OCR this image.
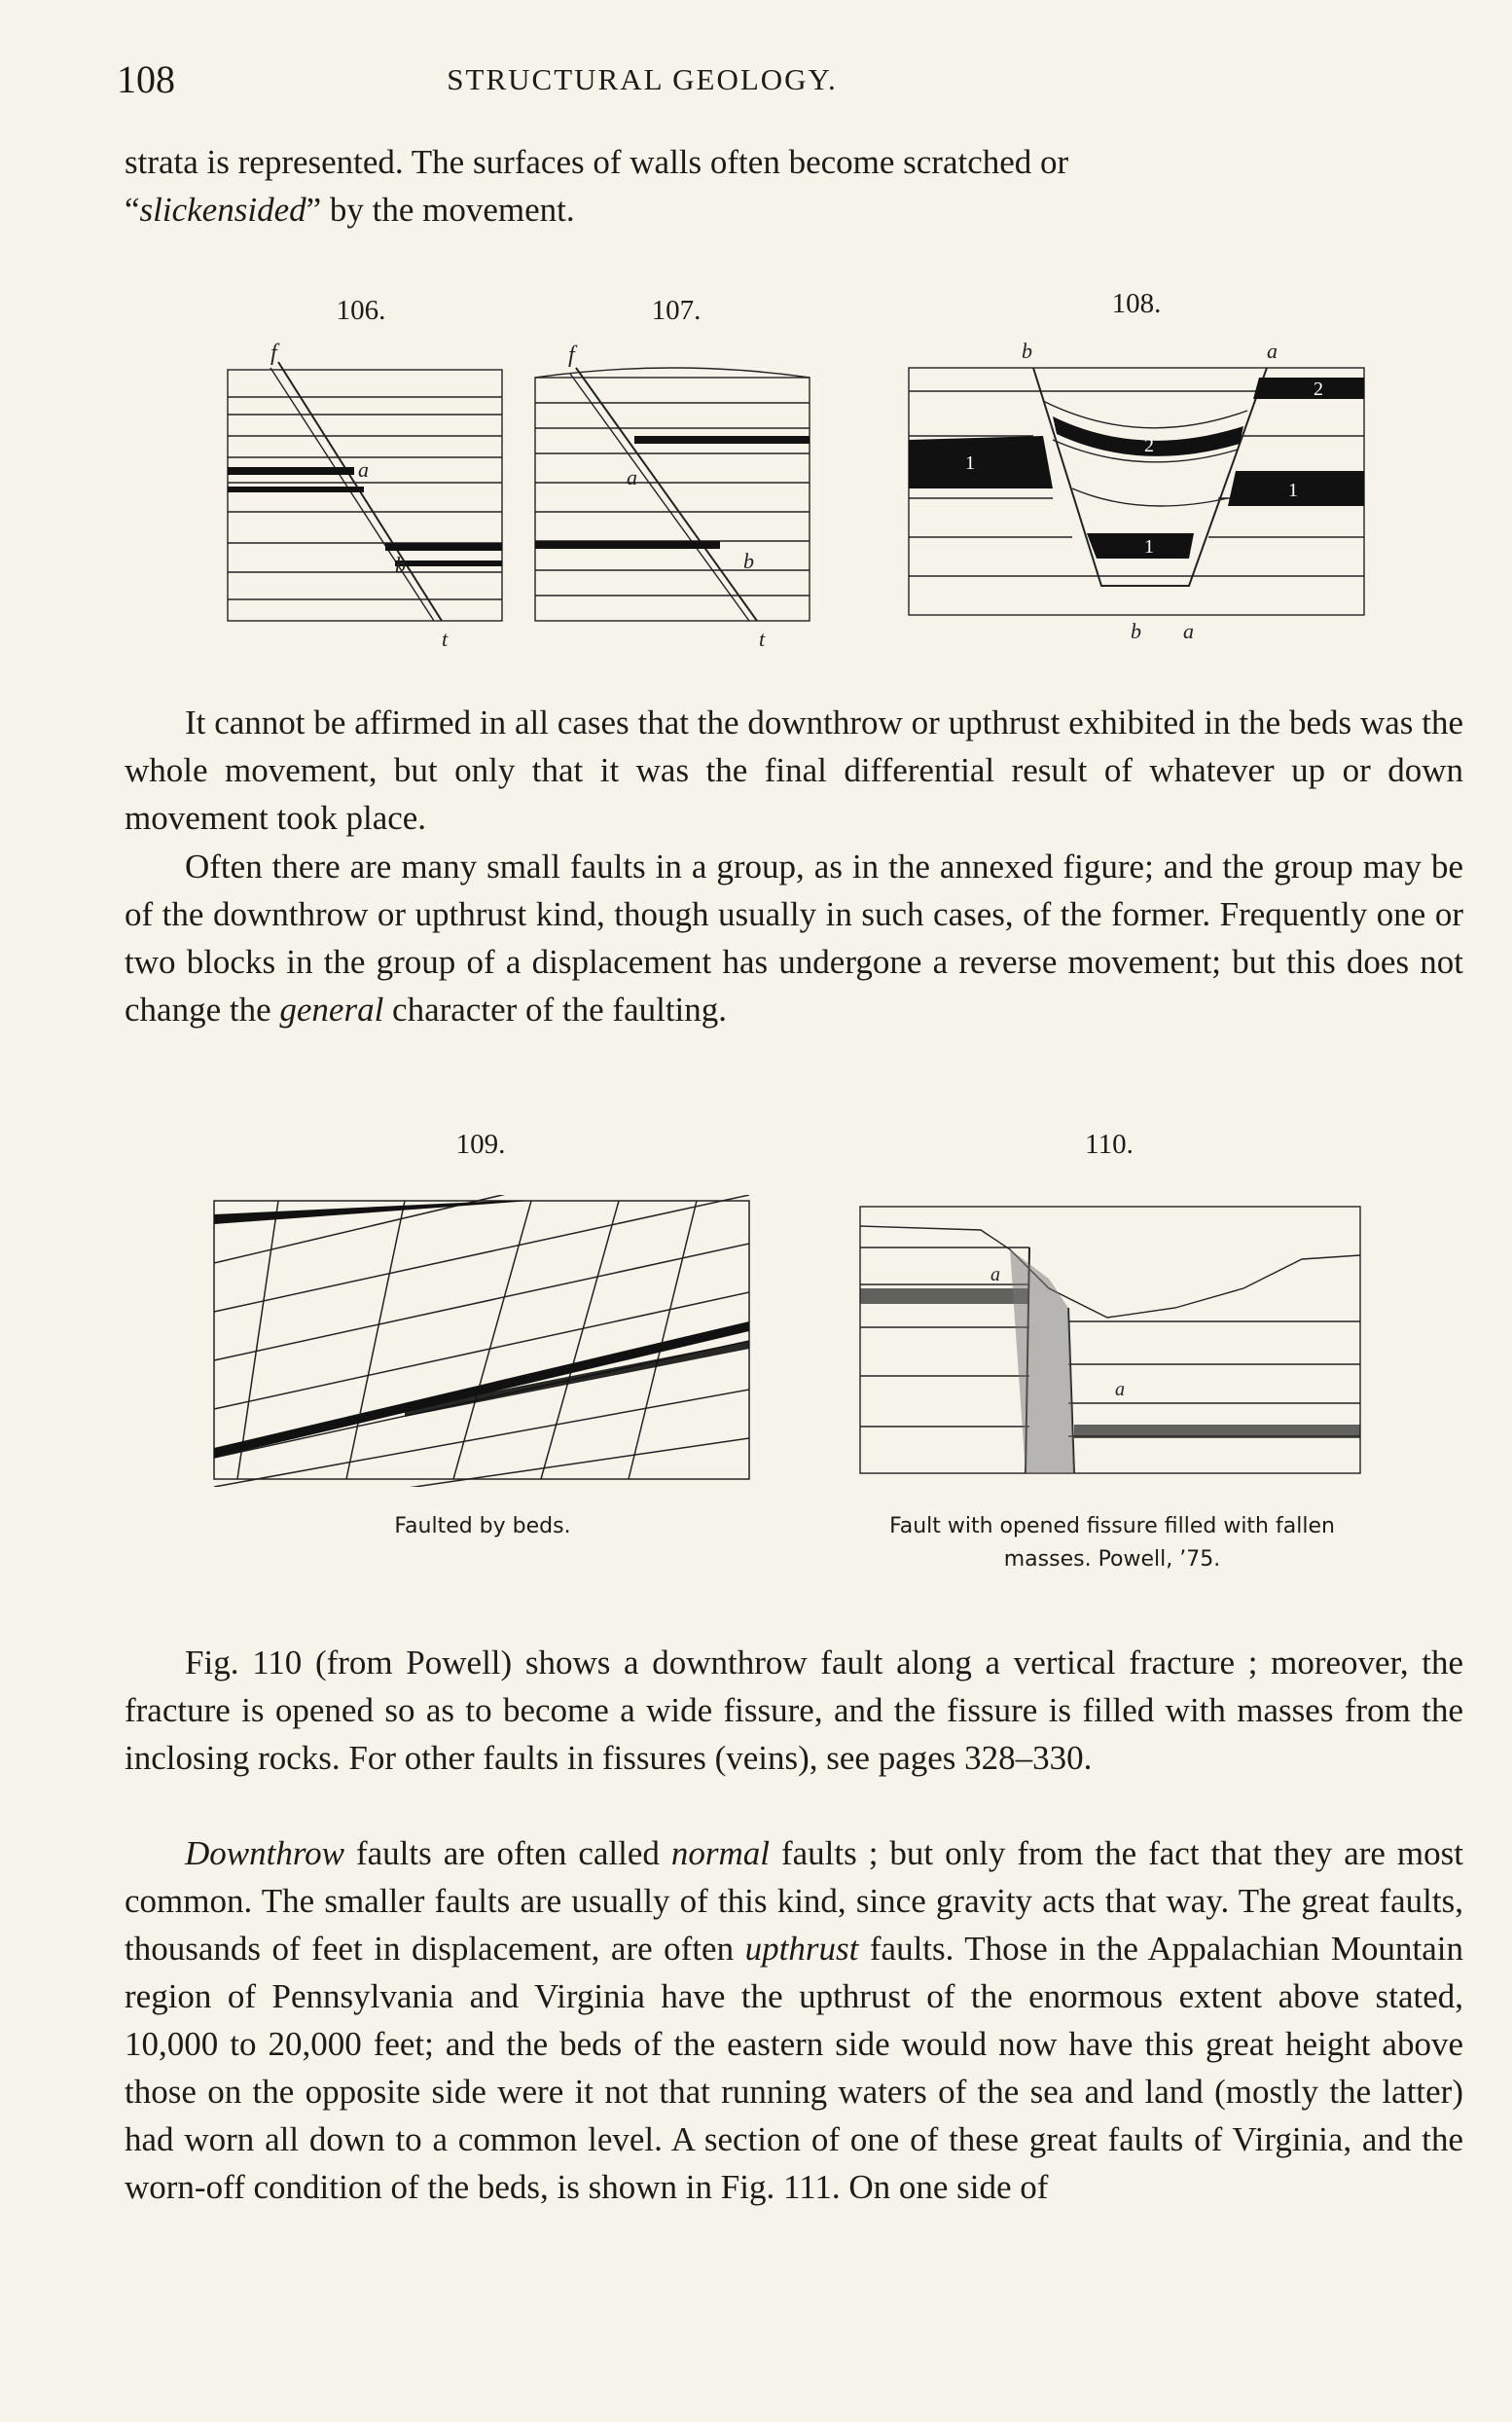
108	STRUCTURAL GEOLOGY.

strata is represented. The surfaces of walls often become scratched or
“slickensided” by the movement.

106.
f
a
b
t
107.
f
a
b
t
108.
b	a
2
2
1
1
1
b a

It cannot be affirmed in all cases that the downthrow or upthrust exhibited in the beds was the whole movement, but only that it was the final differential result of whatever up or down movement took place.

Often there are many small faults in a group, as in the annexed figure; and the group may be of the downthrow or upthrust kind, though usually in such cases, of the former. Frequently one or two blocks in the group of a displacement has undergone a reverse movement; but this does not change the general character of the faulting.

109.
Faulted by beds.
110.
a
a
Fault with opened fissure filled with fallen
masses. Powell, ’75.

Fig. 110 (from Powell) shows a downthrow fault along a vertical fracture ; moreover, the fracture is opened so as to become a wide fissure, and the fissure is filled with masses from the inclosing rocks. For other faults in fissures (veins), see pages 328–330.

Downthrow faults are often called normal faults ; but only from the fact that they are most common. The smaller faults are usually of this kind, since gravity acts that way. The great faults, thousands of feet in displacement, are often upthrust faults. Those in the Appalachian Mountain region of Pennsylvania and Virginia have the upthrust of the enormous extent above stated, 10,000 to 20,000 feet; and the beds of the eastern side would now have this great height above those on the opposite side were it not that running waters of the sea and land (mostly the latter) had worn all down to a common level. A section of one of these great faults of Virginia, and the worn-off condition of the beds, is shown in Fig. 111. On one side of
